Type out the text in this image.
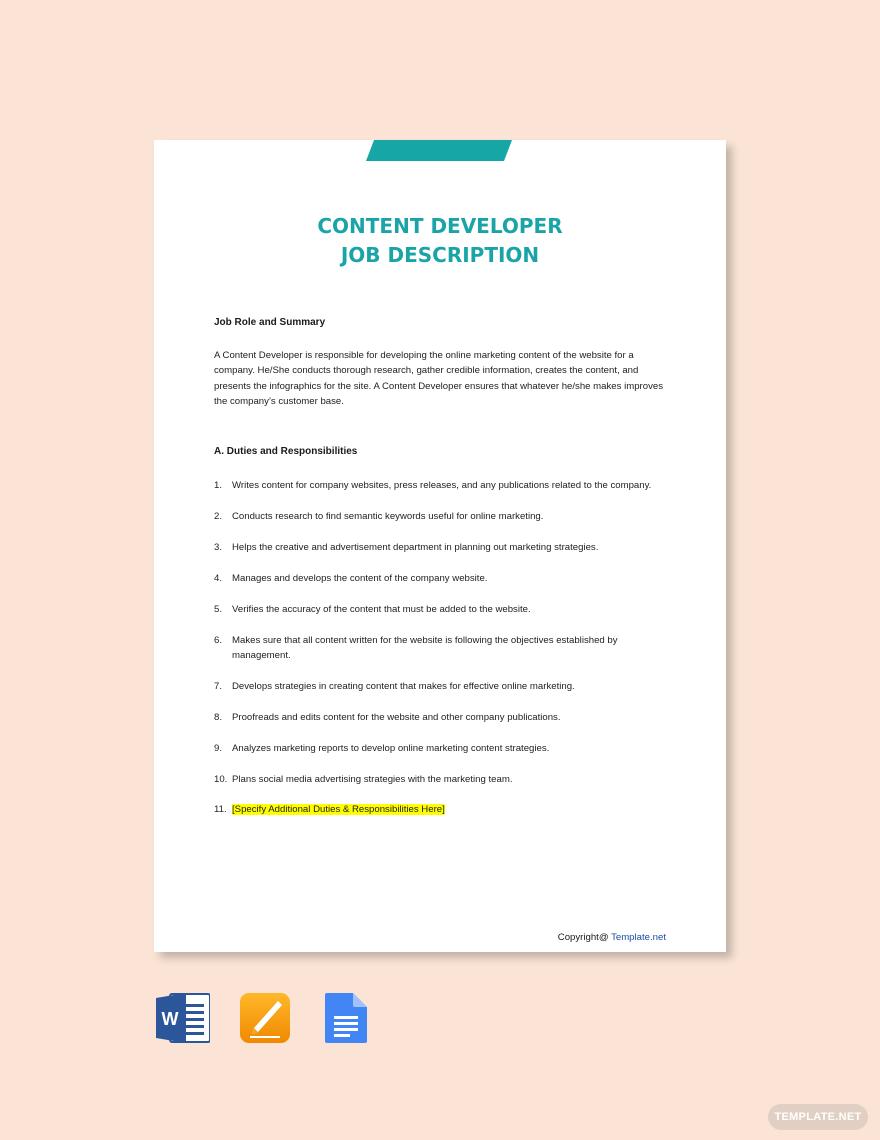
CONTENT DEVELOPER
JOB DESCRIPTION
Job Role and Summary
A Content Developer is responsible for developing the online marketing content of the website for a company. He/She conducts thorough research, gather credible information, creates the content, and presents the infographics for the site. A Content Developer ensures that whatever he/she makes improves the company’s customer base.
A. Duties and Responsibilities
1. Writes content for company websites, press releases, and any publications related to the company.
2. Conducts research to find semantic keywords useful for online marketing.
3. Helps the creative and advertisement department in planning out marketing strategies.
4. Manages and develops the content of the company website.
5. Verifies the accuracy of the content that must be added to the website.
6. Makes sure that all content written for the website is following the objectives established by management.
7. Develops strategies in creating content that makes for effective online marketing.
8. Proofreads and edits content for the website and other company publications.
9. Analyzes marketing reports to develop online marketing content strategies.
10. Plans social media advertising strategies with the marketing team.
11. [Specify Additional Duties & Responsibilities Here]
Copyright@ Template.net
W
TEMPLATE.NET
